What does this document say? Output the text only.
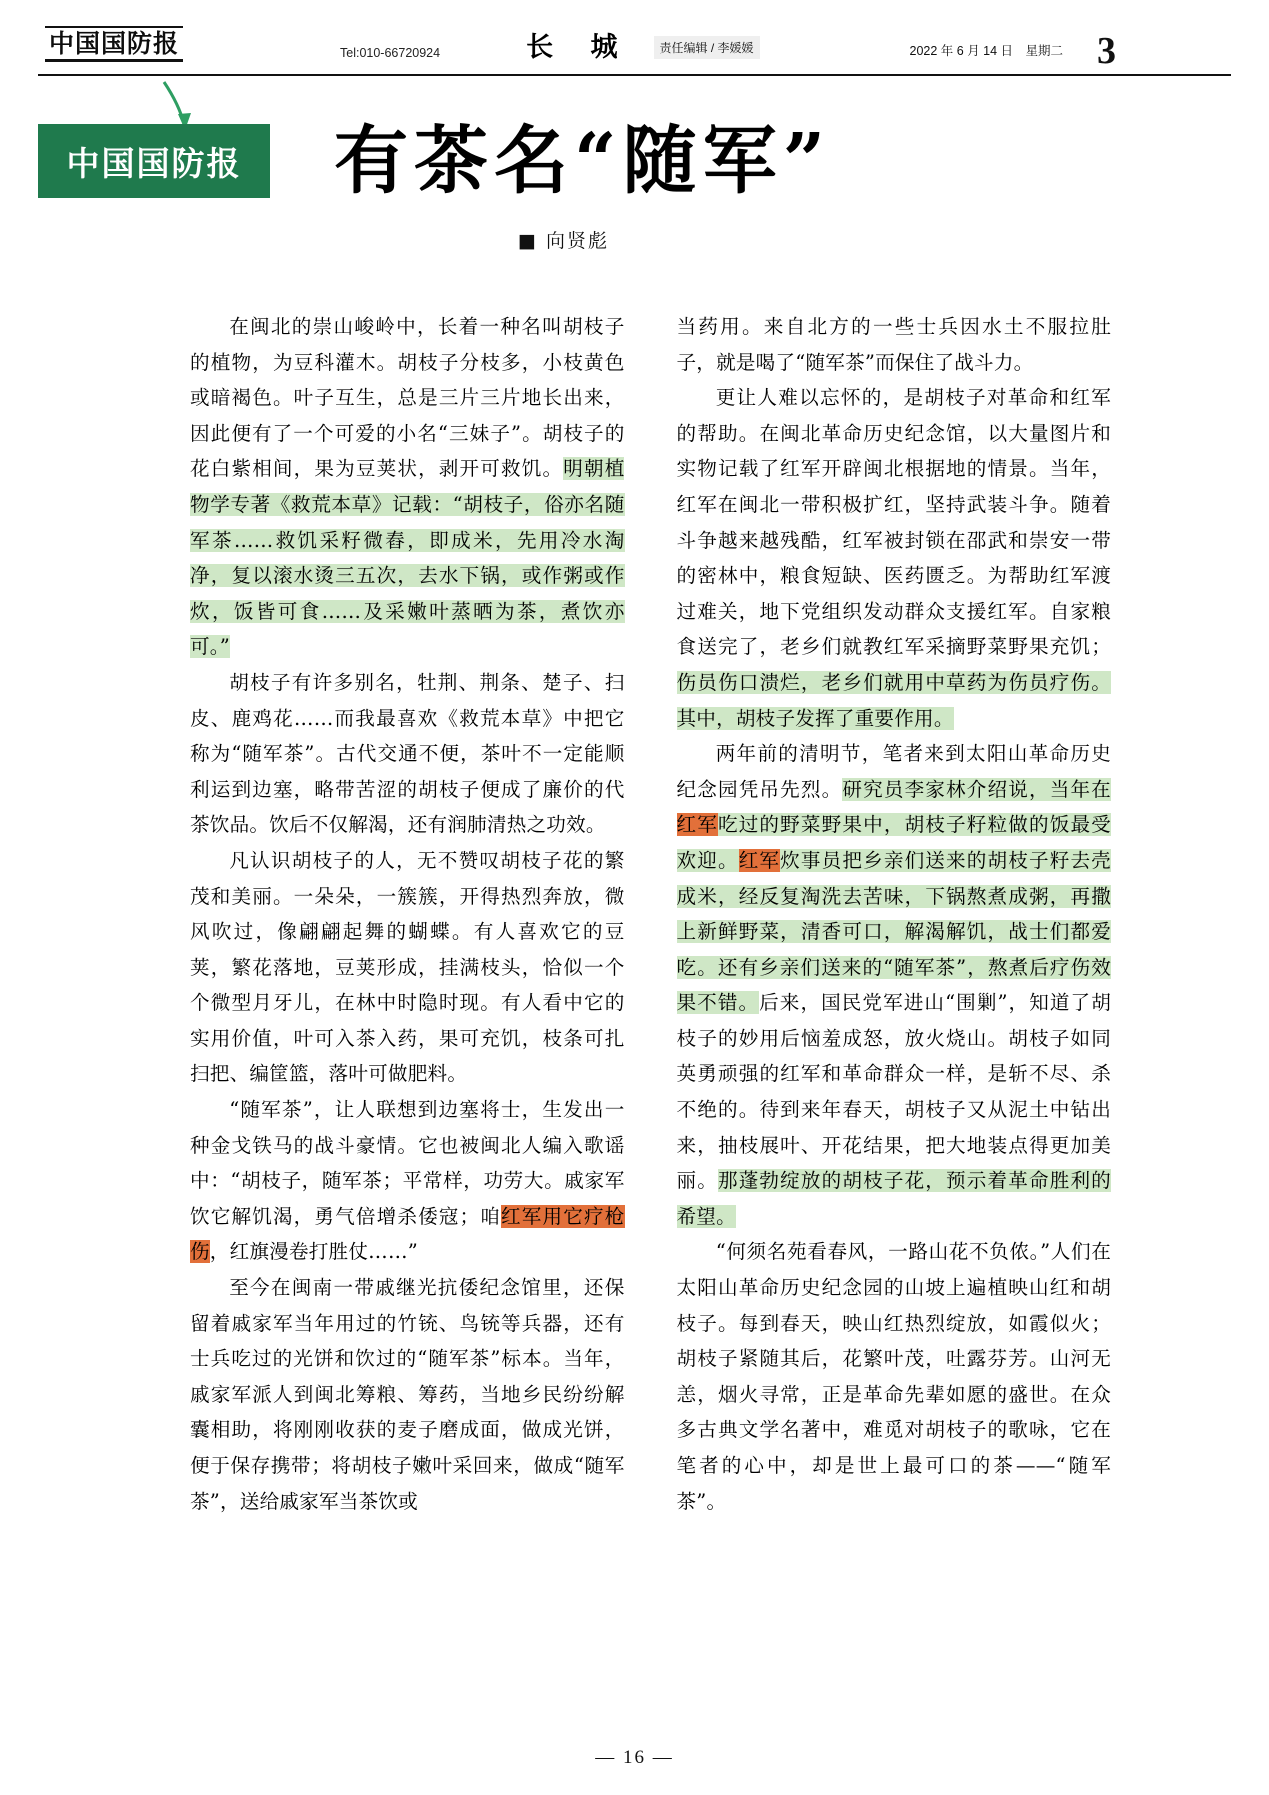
中国国防报	Tel:010-66720924	长 城	责任编辑 / 李媛媛	2022 年 6 月 14 日　星期二 3
中国国防报 有茶名“随军”
■ 向贤彪

在闽北的崇山峻岭中，长着一种名叫胡枝子的植物，为豆科灌木。胡枝子分枝多，小枝黄色或暗褐色。叶子互生，总是三片三片地长出来，因此便有了一个可爱的小名“三妹子”。胡枝子的花白紫相间，果为豆荚状，剥开可救饥。明朝植物学专著《救荒本草》记载：“胡枝子，俗亦名随军茶……救饥采籽微舂，即成米，先用冷水淘净，复以滚水烫三五次，去水下锅，或作粥或作炊，饭皆可食……及采嫩叶蒸晒为茶，煮饮亦可。”

胡枝子有许多别名，牡荆、荆条、楚子、扫皮、鹿鸡花……而我最喜欢《救荒本草》中把它称为“随军茶”。古代交通不便，茶叶不一定能顺利运到边塞，略带苦涩的胡枝子便成了廉价的代茶饮品。饮后不仅解渴，还有润肺清热之功效。

凡认识胡枝子的人，无不赞叹胡枝子花的繁茂和美丽。一朵朵，一簇簇，开得热烈奔放，微风吹过，像翩翩起舞的蝴蝶。有人喜欢它的豆荚，繁花落地，豆荚形成，挂满枝头，恰似一个个微型月牙儿，在林中时隐时现。有人看中它的实用价值，叶可入茶入药，果可充饥，枝条可扎扫把、编筐篮，落叶可做肥料。

“随军茶”，让人联想到边塞将士，生发出一种金戈铁马的战斗豪情。它也被闽北人编入歌谣中：“胡枝子，随军茶；平常样，功劳大。戚家军饮它解饥渴，勇气倍增杀倭寇；咱红军用它疗枪伤，红旗漫卷打胜仗……”

至今在闽南一带戚继光抗倭纪念馆里，还保留着戚家军当年用过的竹铳、鸟铳等兵器，还有士兵吃过的光饼和饮过的“随军茶”标本。当年，戚家军派人到闽北筹粮、筹药，当地乡民纷纷解囊相助，将刚刚收获的麦子磨成面，做成光饼，便于保存携带；将胡枝子嫩叶采回来，做成“随军茶”，送给戚家军当茶饮或

当药用。来自北方的一些士兵因水土不服拉肚子，就是喝了“随军茶”而保住了战斗力。

更让人难以忘怀的，是胡枝子对革命和红军的帮助。在闽北革命历史纪念馆，以大量图片和实物记载了红军开辟闽北根据地的情景。当年，红军在闽北一带积极扩红，坚持武装斗争。随着斗争越来越残酷，红军被封锁在邵武和崇安一带的密林中，粮食短缺、医药匮乏。为帮助红军渡过难关，地下党组织发动群众支援红军。自家粮食送完了，老乡们就教红军采摘野菜野果充饥；伤员伤口溃烂，老乡们就用中草药为伤员疗伤。其中，胡枝子发挥了重要作用。

两年前的清明节，笔者来到太阳山革命历史纪念园凭吊先烈。研究员李家林介绍说，当年在红军吃过的野菜野果中，胡枝子籽粒做的饭最受欢迎。红军炊事员把乡亲们送来的胡枝子籽去壳成米，经反复淘洗去苦味，下锅熬煮成粥，再撒上新鲜野菜，清香可口，解渴解饥，战士们都爱吃。还有乡亲们送来的“随军茶”，熬煮后疗伤效果不错。后来，国民党军进山“围剿”，知道了胡枝子的妙用后恼羞成怒，放火烧山。胡枝子如同英勇顽强的红军和革命群众一样，是斩不尽、杀不绝的。待到来年春天，胡枝子又从泥土中钻出来，抽枝展叶、开花结果，把大地装点得更加美丽。那蓬勃绽放的胡枝子花，预示着革命胜利的希望。

“何须名苑看春风，一路山花不负侬。”人们在太阳山革命历史纪念园的山坡上遍植映山红和胡枝子。每到春天，映山红热烈绽放，如霞似火；胡枝子紧随其后，花繁叶茂，吐露芬芳。山河无恙，烟火寻常，正是革命先辈如愿的盛世。在众多古典文学名著中，难觅对胡枝子的歌咏，它在笔者的心中，却是世上最可口的茶——“随军茶”。

— 16 —
